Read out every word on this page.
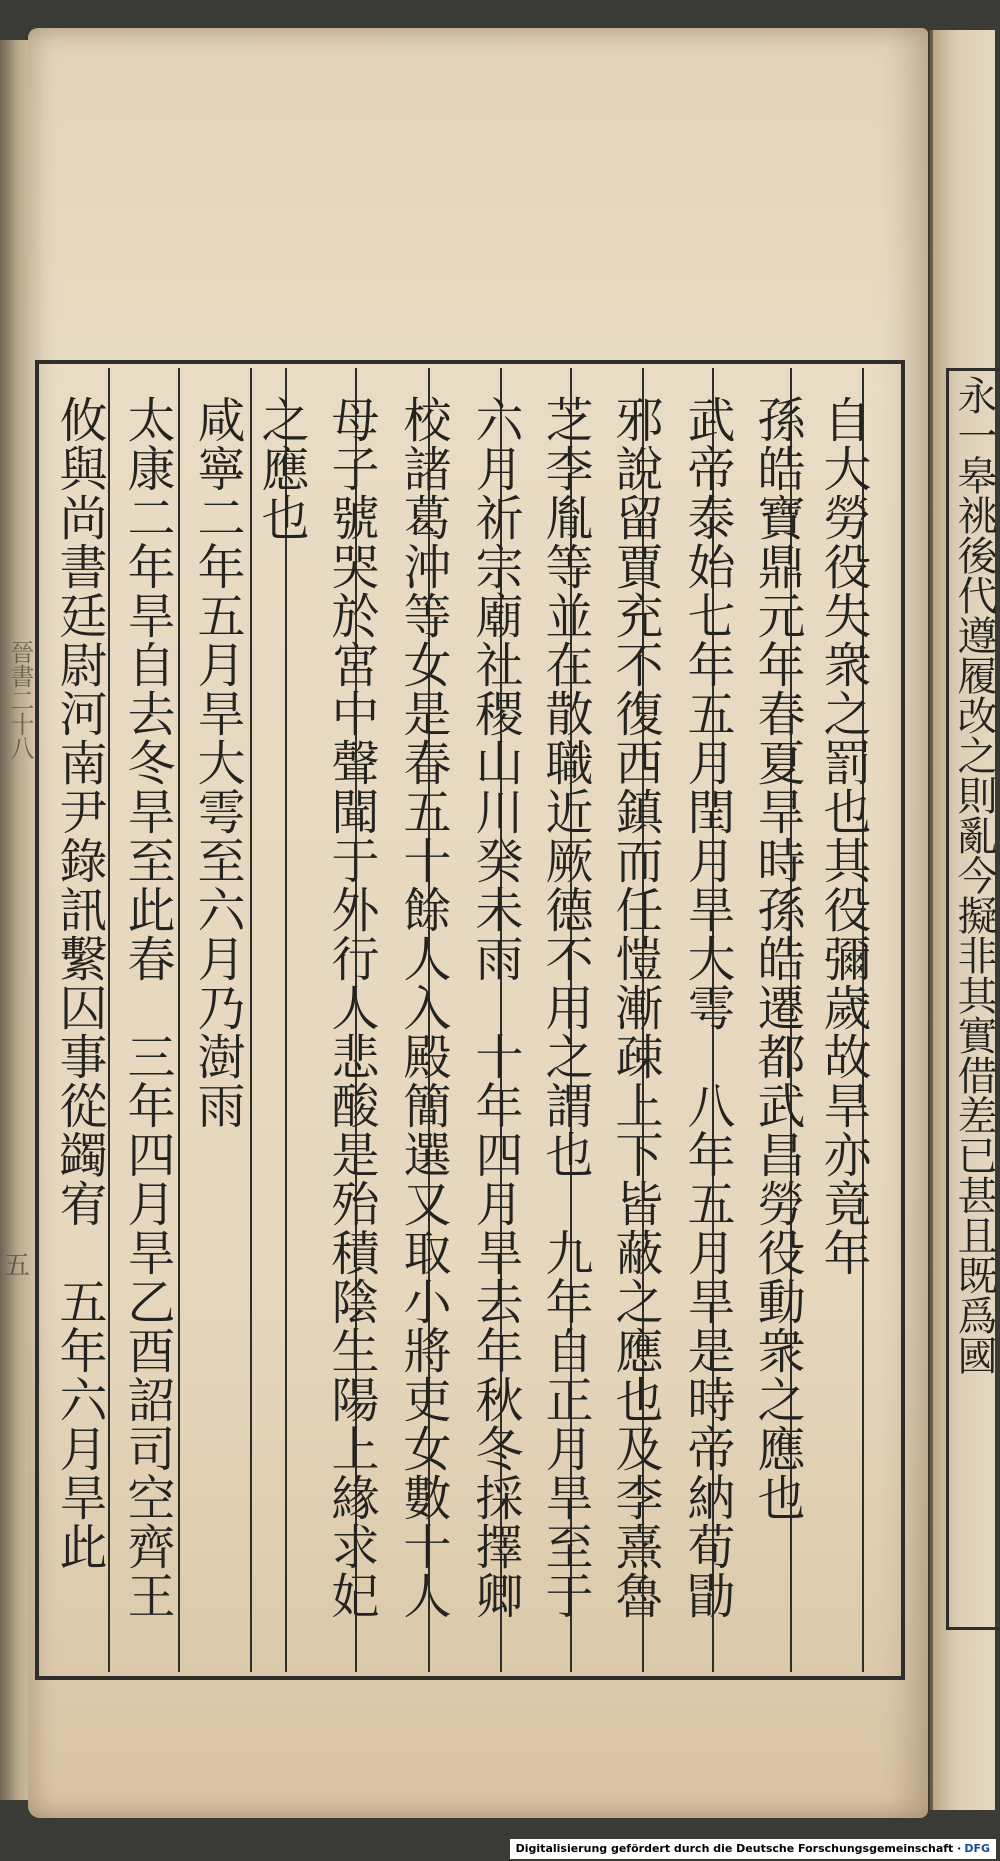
自大勞役失衆之罰也其役彌歲故旱亦竟年
孫皓寶鼎元年春夏旱時孫皓遷都武昌勞役動衆之應也
武帝泰始七年五月閏月旱大雩　八年五月旱是時帝納荀勖
邪說留賈充不復西鎮而任愷漸疎上下皆蔽之應也及李熹魯
芝李胤等並在散職近厥德不用之謂也　九年自正月旱至于
六月祈宗廟社稷山川癸未雨　十年四月旱去年秋冬採擇卿
校諸葛沖等女是春五十餘人入殿簡選又取小將吏女數十人
母子號哭於宮中聲聞于外行人悲酸是殆積陰生陽上緣求妃
之應也
咸寧二年五月旱大雩至六月乃澍雨
太康二年旱自去冬旱至此春　三年四月旱乙酉詔司空齊王
攸與尚書廷尉河南尹錄訊繫囚事從蠲宥　五年六月旱此
晉書二十八
五	永一皋祧後代遵履改之則亂今擬非其實借差已甚且既爲國
Digitalisierung gefördert durch die Deutsche Forschungsgemeinschaft · DFG
